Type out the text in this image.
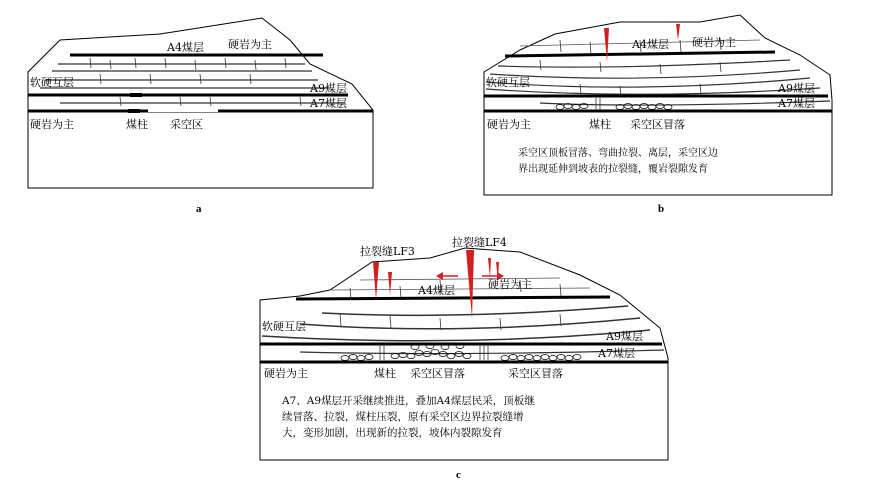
A4煤层 硬岩为主
软硬互层	A9煤层
A7煤层
硬岩为主	煤柱 采空区
a
A4煤层 硬岩为主
软硬互层	A9煤层
A7煤层
硬岩为主	煤柱 采空区冒落
采空区顶板冒落、弯曲拉裂、离层，采空区边
界出现延伸到坡表的拉裂缝，覆岩裂隙发育
b
拉裂缝LF3
拉裂缝LF4
A4煤层	硬岩为主
软硬互层
A9煤层
A7煤层
硬岩为主	煤柱 采空区冒落	采空区冒落
A7、A9煤层开采继续推进，叠加A4煤层民采，顶板继
续冒落、拉裂，煤柱压裂，原有采空区边界拉裂缝增
大，变形加剧，出现新的拉裂，坡体内裂隙发育
c
